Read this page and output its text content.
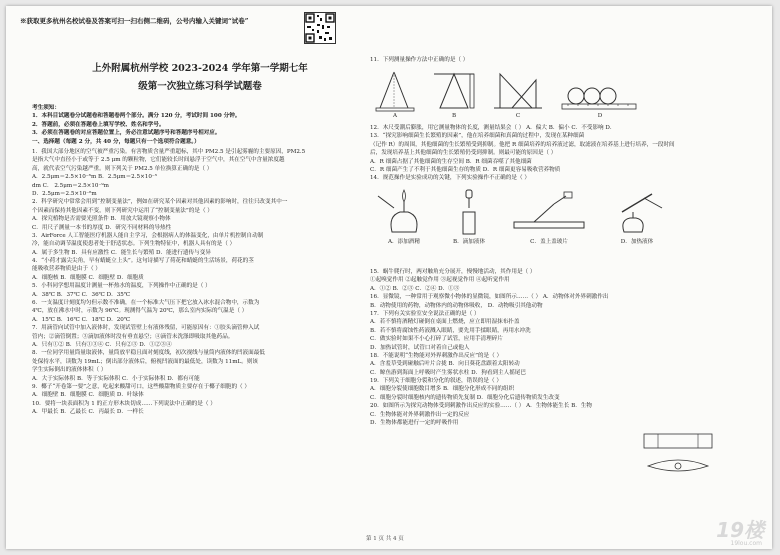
※获取更多杭州名校试卷及答案可扫一扫右侧二维码，公号内输入关键词“试卷”
上外附属杭州学校 2023-2024 学年第一学期七年
级第一次独立练习科学试题卷
考生须知：
1．本科目试题卷分试题卷和答题卷两个部分。满分 120 分，考试时间 100 分钟。
2．答题前，必须在答题卷上填写学校、姓名和学号。
3．必须在答题卷的对应答题位置上，务必注意试题序号和答题序号相对应。
一、选择题（每题 2 分，共 40 分，每题只有一个选项符合题意。）
1．我国大部分地区的空气被严重污染。有害物质含量严重超标，其中 PM2.5 是引起雾霾的主要原因，PM2.5
是指大气中直径小于或等于 2.5 μm 的颗粒物，它们能较长时间悬浮于空气中，其在空气中含量浓度越
高，就代表空气污染越严重。则下列关于 PM2.5 单位换算正确的是（ ）
A．2.5μm＝2.5×10⁻⁶m B．2.5μm＝2.5×10⁻⁵
dm C． 2.5μm＝2.5×10⁻⁹m
D．2.5μm＝2.5×10⁻⁶m
2．科学研究中常常会用到“控制变量法”，例如在研究某个因素对其他因素的影响时，往往只改变其中一
个因素而保持其他因素不变，则下列研究中运用了“控制变量法”的是（ ）
A．探究植物是否需要光照条件 B．用放大镜观察小物体
C．用尺子测量一本书的厚度 D．研究不同材料的导热性
3．AirForce 人工智能医疗机器人能自主学习，会根据病人的体温变化，由单片机控制自动制
冷，能自动调节温度使患者处于舒适状态。下列生物特征中，机器人具有的是（ ）
A．属于多生物 B．具有应激性 C．能生长与繁殖 D．能进行遗传与变异
4．“小荷才露尖尖角，早有蜻蜓立上头”。这句诗描写了荷花和蜻蜓的生活场景，荷花的茎
能吸收营养物质是由于（ ）
A．细胞核 B．细胞膜 C．细胞壁 D．细胞质
5．小科同学想用温度计测量一杯热水的温度，下列操作中正确的是（ ）
A．38℃ B．37℃ C．36℃ D．35℃
6．一支温度计刻度均匀但示数不准确，在一个标准大气压下把它放入冰水混合物中，示数为
4℃，放在沸水中时，示数为 96℃。现测得气温为 20℃，那么室内实际的气温是（ ）
A．15℃ B．16℃ C．18℃ D．20℃
7．用滴管向试管中加入液体时，发现试管壁上有液体残留，可能原因有：①胶头滴管伸入试
管内；②滴管倒置；③滴加液体时没有垂直悬空；④滴管未洗涤即吸取其他药品。
A．只有①② B．只有①③④ C．只有②③ D．①②③④
8．一位同学用量筒量取液体，量筒放平稳且面对刻度线，初次视线与量筒内液体的凹液面最低
处保持水平，读数为 19mL；倒出部分液体后，俯视凹液面的最低处，读数为 11mL。则该
学生实际倒出的液体体积（ ）
A．大于实际体积 B．等于实际体积 C．小于实际体积 D．都有可能
9．椰子“开卷第一要”之意，吃起来酸甜可口，这些酸甜物质主要存在于椰子细胞的（ ）
A．细胞壁 B．细胞膜 C．细胞质 D．叶绿体
10．要将一块表面积为 1 的正方形木块切成……下列说法中正确的是（ ）
A．甲最长 B．乙最长 C．丙最长 D．一样长
11．下列测量操作方法中正确的是（ ）
A	B	C	D
12．木尺受潮后膨胀，用它测量物体的长度，测量结果会（ ） A．偏大 B．偏小 C．不受影响 D．
13．“探究影响细菌生长繁殖的因素”，他在培养细菌和真菌的过程中，发现在某种细菌
（记作 R）的周围，其他细菌的生长繁殖受到抑制。他把 R 细菌培养的培养液过滤，取滤液在培养基上进行培养，一段时间
后，发现培养基上其他细菌的生长繁殖仍受到抑制。则最可能的原因是（ ）
A．R 细菌占据了其他细菌的生存空间 B．R 细菌吞噬了其他细菌
C．R 细菌产生了不利于其他细菌生存的物质 D．R 细菌更容易吸收营养物质
14．规范操作是实验成功的关键，下列实验操作不正确的是（ ）
A．添加酒精	B．滴加液体	C．盖上盖玻片	D．加热液体
15．蜗牛爬行时，两对触角充分展开，慢慢地活动，其作用是（ ）
①起嗅觉作用 ②起触觉作用 ③起视觉作用 ④起听觉作用
A．①② B．②③ C．②④ D．①③
16．显微镜，一种常用于观察微小物体的显微镜，如图所示……（ ） A．动物体对外界刺激作出
B．动物使用的药物，动物体内的动物体吸收， D．动物吸引其他动物
17．下列有关实验室安全说法正确的是（ ）
A．若不慎将酒精灯碰倒在桌面上燃烧，应立即用湿抹布扑盖
B．若不慎将腐蚀性药液溅入眼睛，要先用手揉眼睛，再用水冲洗
C．做实验时如果不小心打碎了试管，应用手清理碎片
D．加热试管时，试管口对着自己或他人
18．不能说明“生物能对外界刺激作出反应”的是（ ）
A．含羞草受到碰触后叶片合拢 B．向日葵花盘跟着太阳转动
C．鲸鱼游到海面上呼吸时产生雾状水柱 D．狗看到主人摇尾巴
19．下列关于细胞分裂和分化的叙述，错误的是（ ）
A．细胞分裂使细胞数目增多 B．细胞分化形成不同的组织
C．细胞分裂时细胞核内的遗传物质先复制 D．细胞分化后遗传物质发生改变
20．如图所示为探究动物体受到刺激作出反应的实验……（ ） A．生物体能生长 B．生物
C．生物体能对外界刺激作出一定的反应
D．生物体都能进行一定的呼吸作用
第 1 页 共 4 页	19楼
19lou.com
